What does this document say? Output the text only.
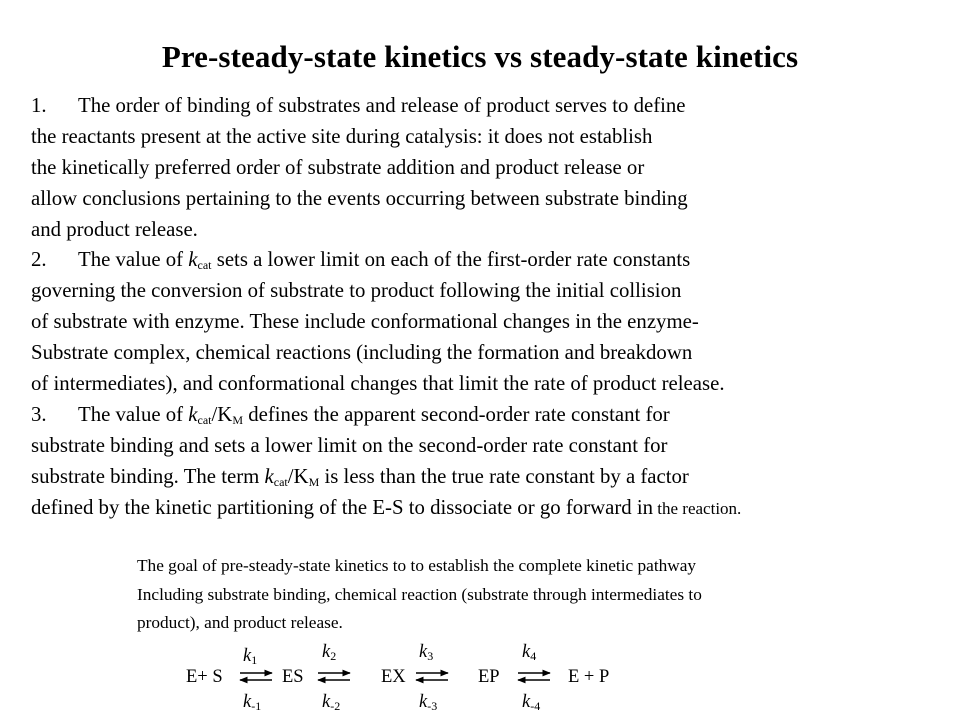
Pre-steady-state kinetics vs steady-state kinetics
1. The order of binding of substrates and release of product serves to define
the reactants present at the active site during catalysis: it does not establish
the kinetically preferred order of substrate addition and product release or
allow conclusions pertaining to the events occurring between substrate binding
and product release.
2. The value of $k_{cat}$ sets a lower limit on each of the first-order rate constants
governing the conversion of substrate to product following the initial collision
of substrate with enzyme. These include conformational changes in the enzyme-
Substrate complex, chemical reactions (including the formation and breakdown
of intermediates), and conformational changes that limit the rate of product release.
3. The value of $k_{cat}/K_M$ defines the apparent second-order rate constant for
substrate binding and sets a lower limit on the second-order rate constant for
substrate binding. The term $k_{cat}/K_M$ is less than the true rate constant by a factor
defined by the kinetic partitioning of the E-S to dissociate or go forward in the reaction.
The goal of pre-steady-state kinetics to to establish the complete kinetic pathway
Including substrate binding, chemical reaction (substrate through intermediates to
product), and product release.
E+ S	ES	EX	EP	E + P
$k_1$	$k_2$	$k_3$	$k_4$
$k_{-1}$	$k_{-2}$	$k_{-3}$	$k_{-4}$
